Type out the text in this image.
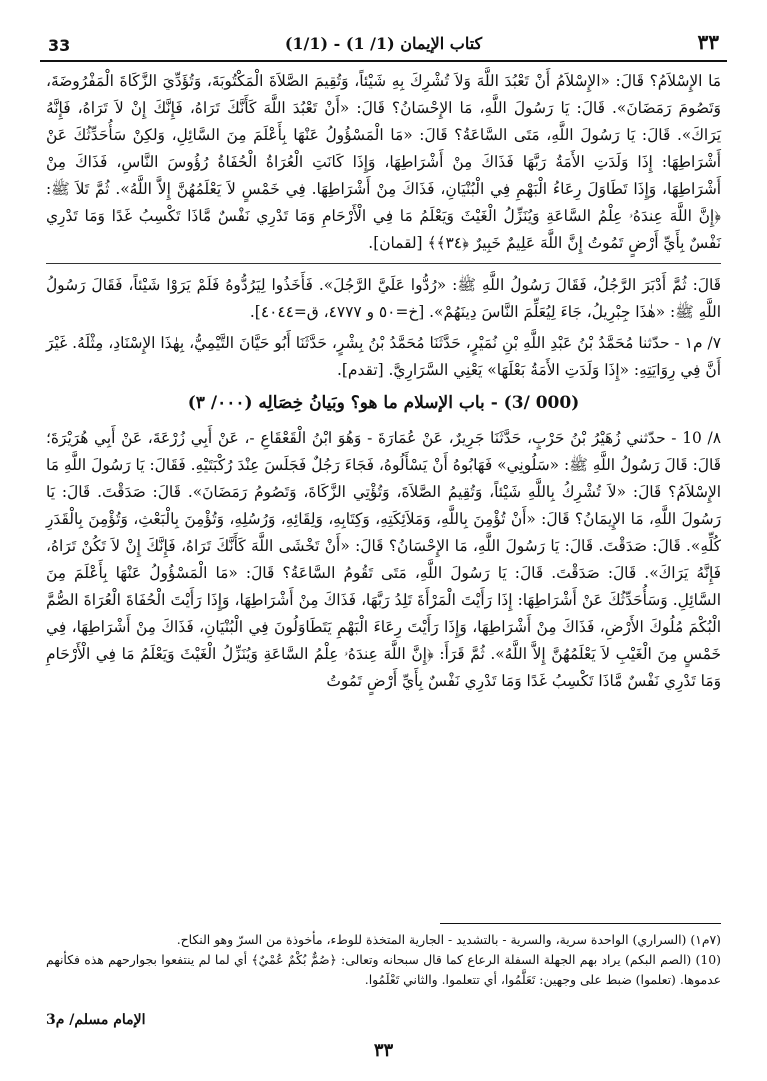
33	(1/1) - كتاب الإيمان (1/ 1)	٣٣

مَا الإِسْلاَمُ؟ قَالَ: «الإِسْلاَمُ أَنْ تَعْبُدَ اللَّهَ وَلاَ تُشْرِكَ بِهِ شَيْئاً، وَتُقِيمَ الصَّلاَةَ الْمَكْتُوبَةَ، وَتُؤَدِّيَ الزَّكَاةَ الْمَفْرُوضَةَ، وَتَصُومَ رَمَضَانَ». قَالَ: يَا رَسُولَ اللَّهِ، مَا الإِحْسَانُ؟ قَالَ: «أَنْ تَعْبُدَ اللَّهَ كَأَنَّكَ تَرَاهُ، فَإِنَّكَ إِنْ لاَ تَرَاهُ، فَإِنَّهُ يَرَاكَ». قَالَ: يَا رَسُولَ اللَّهِ، مَتَى السَّاعَةُ؟ قَالَ: «مَا الْمَسْؤُولُ عَنْهَا بِأَعْلَمَ مِنَ السَّائِلِ، وَلكِنْ سَأُحَدِّثُكَ عَنْ أَشْرَاطِهَا: إِذَا وَلَدَتِ الأَمَةُ رَبَّهَا فَذَاكَ مِنْ أَشْرَاطِهَا، وَإِذَا كَانَتِ الْعُرَاةُ الْحُفَاةُ رُؤُوسَ النَّاسِ، فَذَاكَ مِنْ أَشْرَاطِهَا، وَإِذَا تَطَاوَلَ رِعَاءُ الْبَهْمِ فِي الْبُنْيَانِ، فَذَاكَ مِنْ أَشْرَاطِهَا. فِي خَمْسٍ لاَ يَعْلَمُهُنَّ إِلاَّ اللَّهُ». ثُمَّ تَلاَ ﷺ: ﴿إِنَّ اللَّهَ عِندَهُۥ عِلْمُ السَّاعَةِ وَيُنَزِّلُ الْغَيْثَ وَيَعْلَمُ مَا فِي الْأَرْحَامِ وَمَا تَدْرِي نَفْسٌ مَّاذَا تَكْسِبُ غَدًا وَمَا تَدْرِي نَفْسٌ بِأَيِّ أَرْضٍ تَمُوتُ إِنَّ اللَّهَ عَلِيمٌ خَبِيرٌ ﴿٣٤﴾﴾ [لقمان].

قَالَ: ثُمَّ أَدْبَرَ الرَّجُلُ، فَقَالَ رَسُولُ اللَّهِ ﷺ: «رُدُّوا عَلَيَّ الرَّجُلَ». فَأَخَذُوا لِيَرُدُّوهُ فَلَمْ يَرَوْا شَيْئاً، فَقَالَ رَسُولُ اللَّهِ ﷺ: «هٰذَا جِبْرِيلُ، جَاءَ لِيُعَلِّمَ النَّاسَ دِينَهُمْ». [خ=٥٠ و ٤٧٧٧، ق=٤٠٤٤].

٧/ م١ - حدّثنا مُحَمَّدُ بْنُ عَبْدِ اللَّهِ بْنِ نُمَيْرٍ، حَدَّثَنَا مُحَمَّدُ بْنُ بِشْرٍ، حَدَّثَنَا أَبُو حَيَّانَ التَّيْمِيُّ، بِهٰذَا الإِسْنَادِ، مِثْلَهُ. غَيْرَ أَنَّ فِي رِوَايَتِهِ: «إِذَا وَلَدَتِ الأَمَةُ بَعْلَهَا» يَعْنِي السَّرَارِيَّ. [تقدم].

(000 /3) - باب الإسلام ما هو؟ وبَيانُ خِصَالِه (٠٠٠/ ٣)

٨/ 10 - حدّثني زُهَيْرُ بْنُ حَرْبٍ، حَدَّثَنَا جَرِيرٌ، عَنْ عُمَارَةَ - وَهُوَ ابْنُ الْقَعْقَاعِ -، عَنْ أَبِي زُرْعَةَ، عَنْ أَبِي هُرَيْرَةَ؛ قَالَ: قَالَ رَسُولُ اللَّهِ ﷺ: «سَلُونِي» فَهَابُوهُ أَنْ يَسْأَلُوهُ، فَجَاءَ رَجُلٌ فَجَلَسَ عِنْدَ رُكْبَتَيْهِ. فَقَالَ: يَا رَسُولَ اللَّهِ مَا الإِسْلاَمُ؟ قَالَ: «لاَ تُشْرِكُ بِاللَّهِ شَيْئاً، وَتُقِيمُ الصَّلاَةَ، وَتُؤْتِي الزَّكَاةَ، وَتَصُومُ رَمَضَانَ». قَالَ: صَدَقْتَ. قَالَ: يَا رَسُولَ اللَّهِ، مَا الإِيمَانُ؟ قَالَ: «أَنْ تُؤْمِنَ بِاللَّهِ، وَمَلاَئِكَتِهِ، وَكِتَابِهِ، وَلِقَائِهِ، وَرُسُلِهِ، وَتُؤْمِنَ بِالْبَعْثِ، وَتُؤْمِنَ بِالْقَدَرِ كُلِّهِ». قَالَ: صَدَقْتَ. قَالَ: يَا رَسُولَ اللَّهِ، مَا الإِحْسَانُ؟ قَالَ: «أَنْ تَخْشَى اللَّهَ كَأَنَّكَ تَرَاهُ، فَإِنَّكَ إِنْ لاَ تَكُنْ تَرَاهُ، فَإِنَّهُ يَرَاكَ». قَالَ: صَدَقْتَ. قَالَ: يَا رَسُولَ اللَّهِ، مَتَى تَقُومُ السَّاعَةُ؟ قَالَ: «مَا الْمَسْؤُولُ عَنْهَا بِأَعْلَمَ مِنَ السَّائِلِ. وَسَأُحَدِّثُكَ عَنْ أَشْرَاطِهَا: إِذَا رَأَيْتَ الْمَرْأَةَ تَلِدُ رَبَّهَا، فَذَاكَ مِنْ أَشْرَاطِهَا، وَإِذَا رَأَيْتَ الْحُفَاةَ الْعُرَاةَ الصُّمَّ الْبُكْمَ مُلُوكَ الأَرْضِ، فَذَاكَ مِنْ أَشْرَاطِهَا، وَإِذَا رَأَيْتَ رِعَاءَ الْبَهْمِ يَتَطَاوَلُونَ فِي الْبُنْيَانِ، فَذَاكَ مِنْ أَشْرَاطِهَا، فِي خَمْسٍ مِنَ الْغَيْبِ لاَ يَعْلَمُهُنَّ إِلاَّ اللَّهُ». ثُمَّ قَرَأَ: ﴿إِنَّ اللَّهَ عِندَهُۥ عِلْمُ السَّاعَةِ وَيُنَزِّلُ الْغَيْثَ وَيَعْلَمُ مَا فِي الْأَرْحَامِ وَمَا تَدْرِي نَفْسٌ مَّاذَا تَكْسِبُ غَدًا وَمَا تَدْرِي نَفْسٌ بِأَيِّ أَرْضٍ تَمُوتُ

(٧م١) (السراري) الواحدة سرية، والسرية - بالتشديد - الجارية المتخذة للوطء، مأخوذة من السرّ وهو النكاح.

(10) (الصم البكم) يراد بهم الجهلة السفلة الرعاع كما قال سبحانه وتعالى: ﴿صُمٌّ بُكْمٌ عُمْيٌ﴾ أي لما لم ينتفعوا بجوارحهم هذه فكأنهم عدموها. (تعلموا) ضبط على وجهين: تَعَلَّمُوا، أي تتعلموا. والثاني تَعْلَمُوا.

الإمام مسلم/ م3
٣٣
